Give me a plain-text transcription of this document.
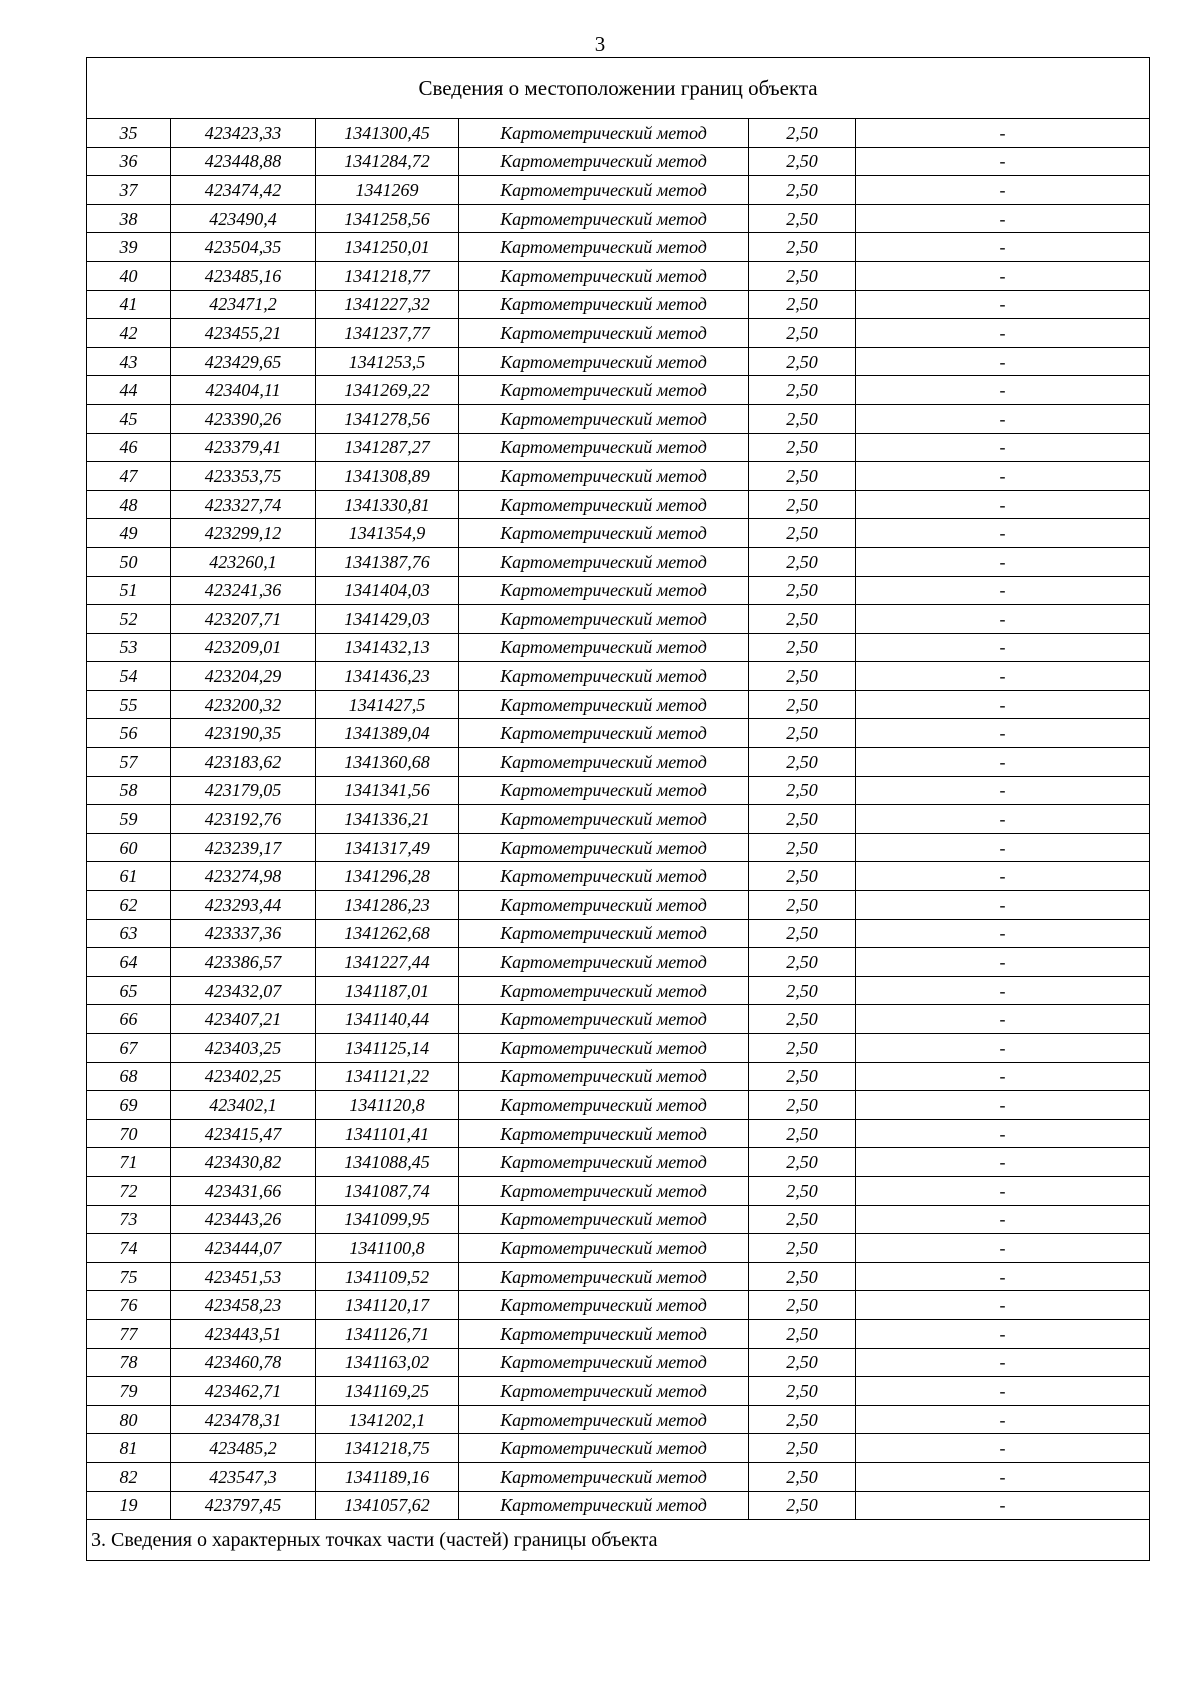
3
Сведения о местоположении границ объекта					
35	423423,33	1341300,45	Картометрический метод	2,50	-
36	423448,88	1341284,72	Картометрический метод	2,50	-
37	423474,42	1341269	Картометрический метод	2,50	-
38	423490,4	1341258,56	Картометрический метод	2,50	-
39	423504,35	1341250,01	Картометрический метод	2,50	-
40	423485,16	1341218,77	Картометрический метод	2,50	-
41	423471,2	1341227,32	Картометрический метод	2,50	-
42	423455,21	1341237,77	Картометрический метод	2,50	-
43	423429,65	1341253,5	Картометрический метод	2,50	-
44	423404,11	1341269,22	Картометрический метод	2,50	-
45	423390,26	1341278,56	Картометрический метод	2,50	-
46	423379,41	1341287,27	Картометрический метод	2,50	-
47	423353,75	1341308,89	Картометрический метод	2,50	-
48	423327,74	1341330,81	Картометрический метод	2,50	-
49	423299,12	1341354,9	Картометрический метод	2,50	-
50	423260,1	1341387,76	Картометрический метод	2,50	-
51	423241,36	1341404,03	Картометрический метод	2,50	-
52	423207,71	1341429,03	Картометрический метод	2,50	-
53	423209,01	1341432,13	Картометрический метод	2,50	-
54	423204,29	1341436,23	Картометрический метод	2,50	-
55	423200,32	1341427,5	Картометрический метод	2,50	-
56	423190,35	1341389,04	Картометрический метод	2,50	-
57	423183,62	1341360,68	Картометрический метод	2,50	-
58	423179,05	1341341,56	Картометрический метод	2,50	-
59	423192,76	1341336,21	Картометрический метод	2,50	-
60	423239,17	1341317,49	Картометрический метод	2,50	-
61	423274,98	1341296,28	Картометрический метод	2,50	-
62	423293,44	1341286,23	Картометрический метод	2,50	-
63	423337,36	1341262,68	Картометрический метод	2,50	-
64	423386,57	1341227,44	Картометрический метод	2,50	-
65	423432,07	1341187,01	Картометрический метод	2,50	-
66	423407,21	1341140,44	Картометрический метод	2,50	-
67	423403,25	1341125,14	Картометрический метод	2,50	-
68	423402,25	1341121,22	Картометрический метод	2,50	-
69	423402,1	1341120,8	Картометрический метод	2,50	-
70	423415,47	1341101,41	Картометрический метод	2,50	-
71	423430,82	1341088,45	Картометрический метод	2,50	-
72	423431,66	1341087,74	Картометрический метод	2,50	-
73	423443,26	1341099,95	Картометрический метод	2,50	-
74	423444,07	1341100,8	Картометрический метод	2,50	-
75	423451,53	1341109,52	Картометрический метод	2,50	-
76	423458,23	1341120,17	Картометрический метод	2,50	-
77	423443,51	1341126,71	Картометрический метод	2,50	-
78	423460,78	1341163,02	Картометрический метод	2,50	-
79	423462,71	1341169,25	Картометрический метод	2,50	-
80	423478,31	1341202,1	Картометрический метод	2,50	-
81	423485,2	1341218,75	Картометрический метод	2,50	-
82	423547,3	1341189,16	Картометрический метод	2,50	-
19	423797,45	1341057,62	Картометрический метод	2,50	-
3. Сведения о характерных точках части (частей) границы объекта					
